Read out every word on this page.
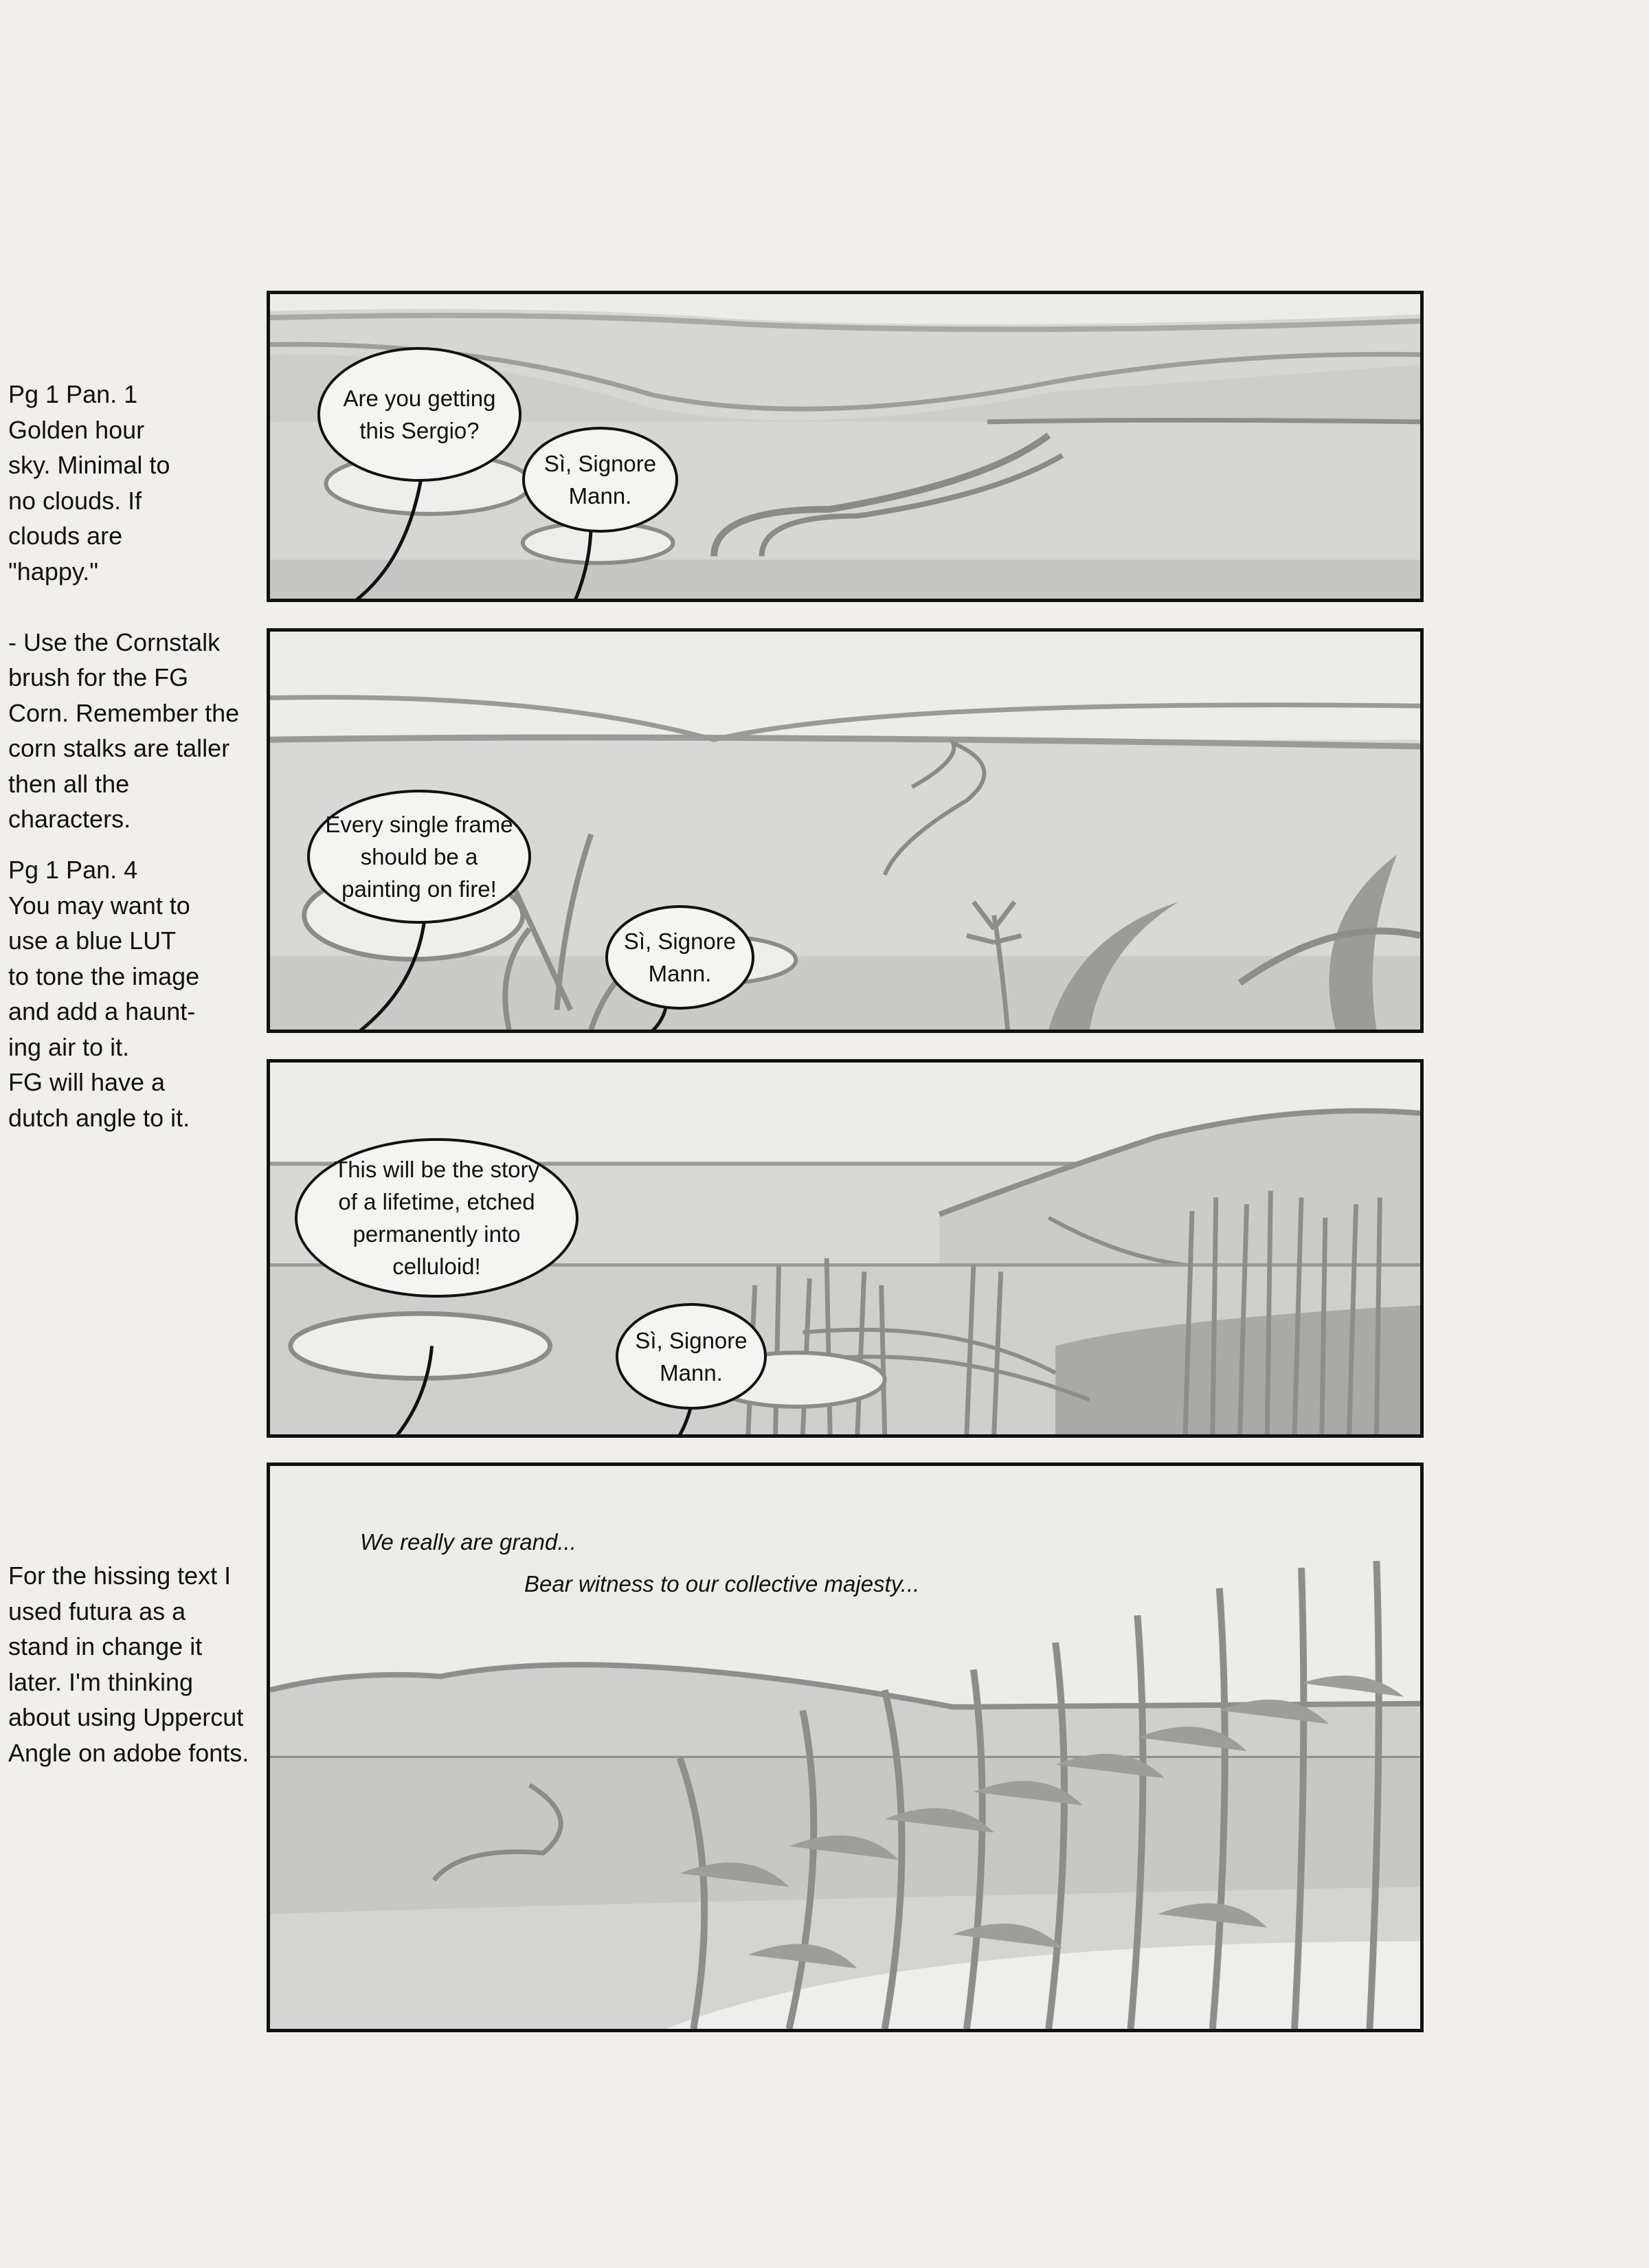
Pg 1 Pan. 1
Golden hour
sky. Minimal to
no clouds. If
clouds are
"happy."

- Use the Cornstalk
brush for the FG
Corn. Remember the
corn stalks are taller
then all the
characters.
Pg 1 Pan. 4
You may want to
use a blue LUT
to tone the image
and add a haunt-
ing air to it.
FG will have a
dutch angle to it.
For the hissing text I
used futura as a
stand in change it
later. I'm thinking
about using Uppercut
Angle on adobe fonts.
Are you getting
this Sergio?
Sì, Signore
Mann.
Every single frame
should be a
painting on fire!
Sì, Signore
Mann.
This will be the story
of a lifetime, etched
permanently into
celluloid!
Sì, Signore
Mann.
We really are grand...
Bear witness to our collective majesty...
